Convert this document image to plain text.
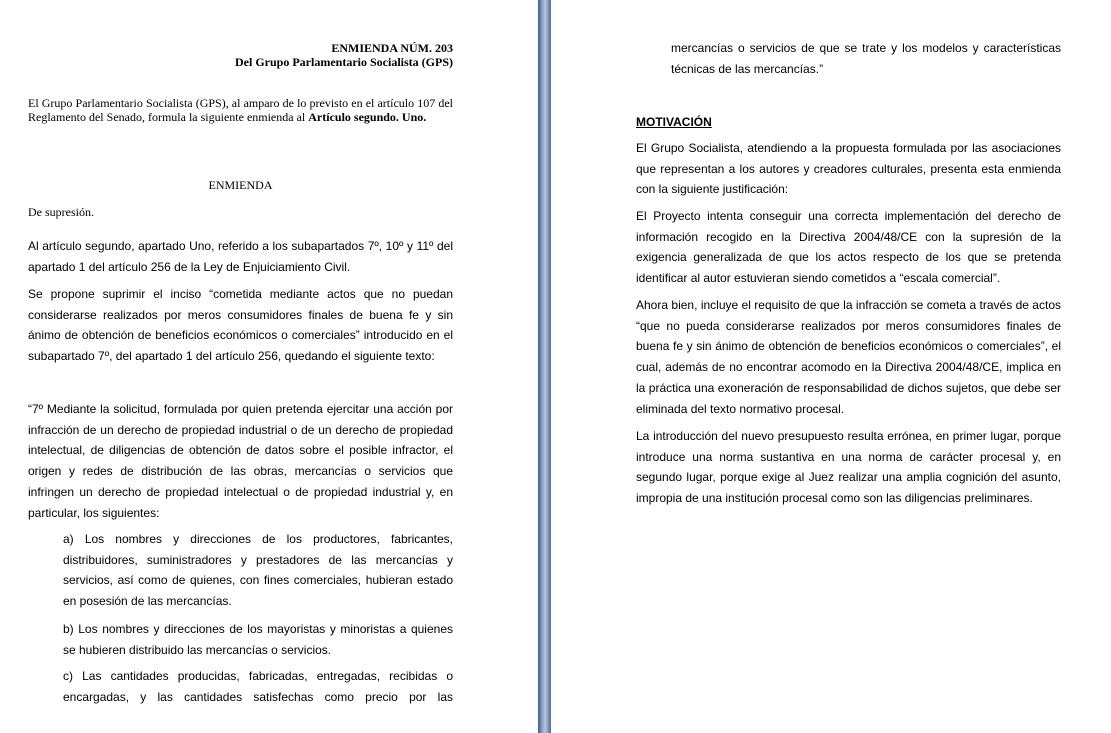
ENMIENDA NÚM. 203
Del Grupo Parlamentario Socialista (GPS)
El Grupo Parlamentario Socialista (GPS), al amparo de lo previsto en el artículo 107 del
Reglamento del Senado, formula la siguiente enmienda al Artículo segundo. Uno.
ENMIENDA
De supresión.

Al artículo segundo, apartado Uno, referido a los subapartados 7º, 10º y 11º del apartado 1 del artículo 256 de la Ley de Enjuiciamiento Civil.

Se propone suprimir el inciso “cometida mediante actos que no puedan considerarse realizados por meros consumidores finales de buena fe y sin ánimo de obtención de beneficios económicos o comerciales” introducido en el subapartado 7º, del apartado 1 del artículo 256, quedando el siguiente texto:

“7º Mediante la solicitud, formulada por quien pretenda ejercitar una acción por infracción de un derecho de propiedad industrial o de un derecho de propiedad intelectual, de diligencias de obtención de datos sobre el posible infractor, el origen y redes de distribución de las obras, mercancías o servicios que infringen un derecho de propiedad intelectual o de propiedad industrial y, en particular, los siguientes:

a) Los nombres y direcciones de los productores, fabricantes, distribuidores, suministradores y prestadores de las mercancías y servicios, así como de quienes, con fines comerciales, hubieran estado en posesión de las mercancías.

b) Los nombres y direcciones de los mayoristas y minoristas a quienes se hubieren distribuido las mercancías o servicios.

c) Las cantidades producidas, fabricadas, entregadas, recibidas o encargadas, y las cantidades satisfechas como precio por las

mercancías o servicios de que se trate y los modelos y características técnicas de las mercancías.”

MOTIVACIÓN

El Grupo Socialista, atendiendo a la propuesta formulada por las asociaciones que representan a los autores y creadores culturales, presenta esta enmienda con la siguiente justificación:

El Proyecto intenta conseguir una correcta implementación del derecho de información recogido en la Directiva 2004/48/CE con la supresión de la exigencia generalizada de que los actos respecto de los que se pretenda identificar al autor estuvieran siendo cometidos a “escala comercial”.

Ahora bien, incluye el requisito de que la infracción se cometa a través de actos “que no pueda considerarse realizados por meros consumidores finales de buena fe y sin ánimo de obtención de beneficios económicos o comerciales”, el cual, además de no encontrar acomodo en la Directiva 2004/48/CE, implica en la práctica una exoneración de responsabilidad de dichos sujetos, que debe ser eliminada del texto normativo procesal.

La introducción del nuevo presupuesto resulta errónea, en primer lugar, porque introduce una norma sustantiva en una norma de carácter procesal y, en segundo lugar, porque exige al Juez realizar una amplia cognición del asunto, impropia de una institución procesal como son las diligencias preliminares.
